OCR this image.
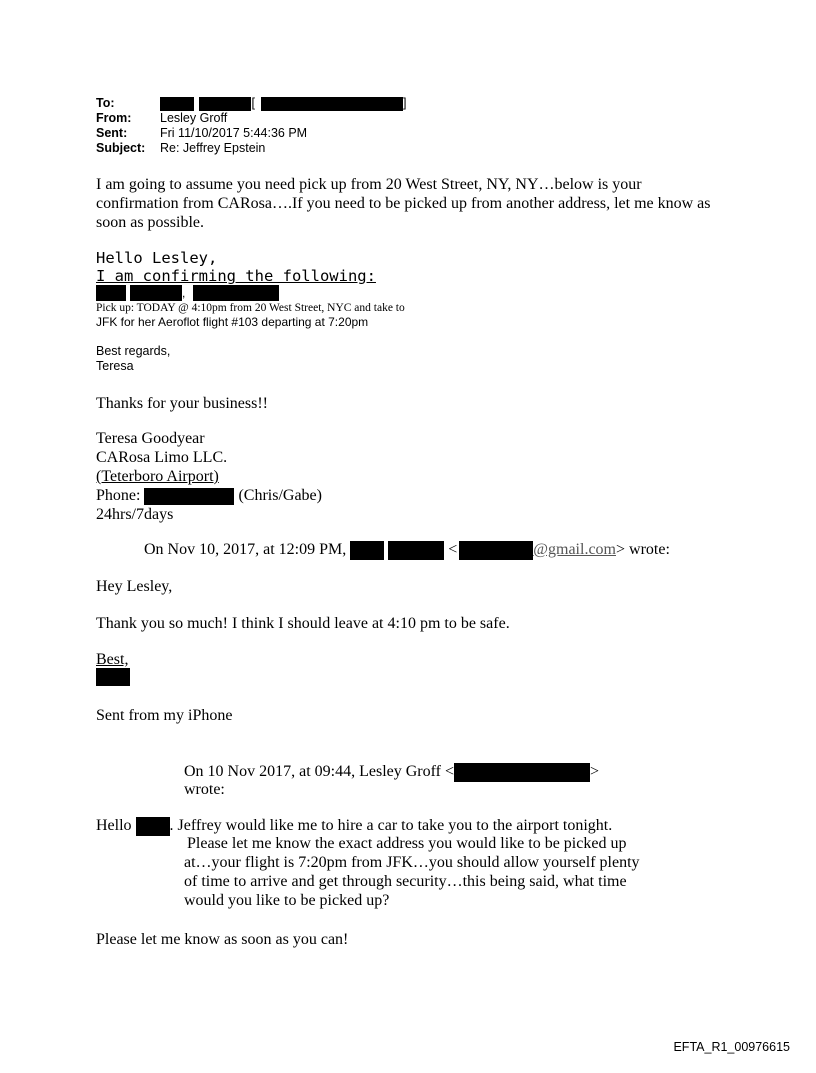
To:	[	]
From: Lesley Groff
Sent:	Fri 11/10/2017 5:44:36 PM
Subject: Re: Jeffrey Epstein
I am going to assume you need pick up from 20 West Street, NY, NY…below is your
confirmation from CARosa….If you need to be picked up from another address, let me know as
soon as possible.
Hello Lesley,
I am confirming the following:
,
Pick up: TODAY @ 4:10pm from 20 West Street, NYC and take to
JFK for her Aeroflot flight #103 departing at 7:20pm
Best regards,
Teresa
Thanks for your business!!
Teresa Goodyear
CARosa Limo LLC.
(Teterboro Airport)
Phone:	(Chris/Gabe)
24hrs/7days
On Nov 10, 2017, at 12:09 PM,	<	@gmail.com> wrote:
Hey Lesley,
Thank you so much! I think I should leave at 4:10 pm to be safe.
Best,
Sent from my iPhone
On 10 Nov 2017, at 09:44, Lesley Groff <	>
wrote:
Hello . Jeffrey would like me to hire a car to take you to the airport tonight.
Please let me know the exact address you would like to be picked up
at…your flight is 7:20pm from JFK…you should allow yourself plenty
of time to arrive and get through security…this being said, what time
would you like to be picked up?
Please let me know as soon as you can!
EFTA_R1_00976615
